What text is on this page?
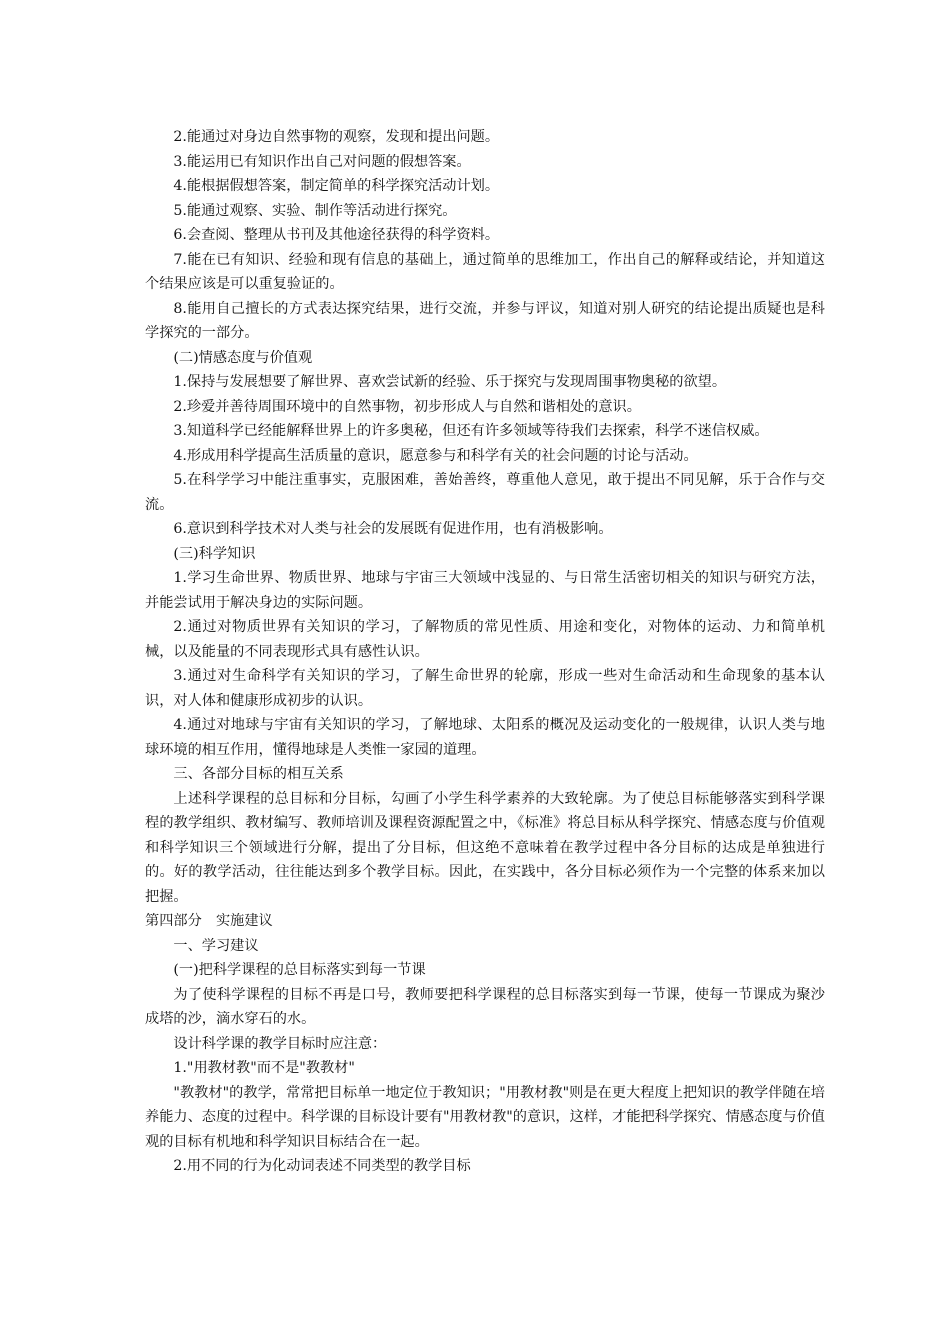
2.能通过对身边自然事物的观察，发现和提出问题。

3.能运用已有知识作出自己对问题的假想答案。

4.能根据假想答案，制定简单的科学探究活动计划。

5.能通过观察、实验、制作等活动进行探究。

6.会查阅、整理从书刊及其他途径获得的科学资料。

7.能在已有知识、经验和现有信息的基础上，通过简单的思维加工，作出自己的解释或结论，并知道这个结果应该是可以重复验证的。

8.能用自己擅长的方式表达探究结果，进行交流，并参与评议，知道对别人研究的结论提出质疑也是科学探究的一部分。

(二)情感态度与价值观

1.保持与发展想要了解世界、喜欢尝试新的经验、乐于探究与发现周围事物奥秘的欲望。

2.珍爱并善待周围环境中的自然事物，初步形成人与自然和谐相处的意识。

3.知道科学已经能解释世界上的许多奥秘，但还有许多领域等待我们去探索，科学不迷信权威。

4.形成用科学提高生活质量的意识，愿意参与和科学有关的社会问题的讨论与活动。

5.在科学学习中能注重事实，克服困难，善始善终，尊重他人意见，敢于提出不同见解，乐于合作与交流。

6.意识到科学技术对人类与社会的发展既有促进作用，也有消极影响。

(三)科学知识

1.学习生命世界、物质世界、地球与宇宙三大领域中浅显的、与日常生活密切相关的知识与研究方法，并能尝试用于解决身边的实际问题。

2.通过对物质世界有关知识的学习，了解物质的常见性质、用途和变化，对物体的运动、力和简单机械，以及能量的不同表现形式具有感性认识。

3.通过对生命科学有关知识的学习，了解生命世界的轮廓，形成一些对生命活动和生命现象的基本认识，对人体和健康形成初步的认识。

4.通过对地球与宇宙有关知识的学习，了解地球、太阳系的概况及运动变化的一般规律，认识人类与地球环境的相互作用，懂得地球是人类惟一家园的道理。

三、各部分目标的相互关系

上述科学课程的总目标和分目标，勾画了小学生科学素养的大致轮廓。为了使总目标能够落实到科学课程的教学组织、教材编写、教师培训及课程资源配置之中，《标准》将总目标从科学探究、情感态度与价值观和科学知识三个领域进行分解，提出了分目标，但这绝不意味着在教学过程中各分目标的达成是单独进行的。好的教学活动，往往能达到多个教学目标。因此，在实践中，各分目标必须作为一个完整的体系来加以把握。

第四部分　实施建议

一、学习建议

(一)把科学课程的总目标落实到每一节课

为了使科学课程的目标不再是口号，教师要把科学课程的总目标落实到每一节课，使每一节课成为聚沙成塔的沙，滴水穿石的水。

设计科学课的教学目标时应注意：

1."用教材教"而不是"教教材"

"教教材"的教学，常常把目标单一地定位于教知识；"用教材教"则是在更大程度上把知识的教学伴随在培养能力、态度的过程中。科学课的目标设计要有"用教材教"的意识，这样，才能把科学探究、情感态度与价值观的目标有机地和科学知识目标结合在一起。

2.用不同的行为化动词表述不同类型的教学目标
